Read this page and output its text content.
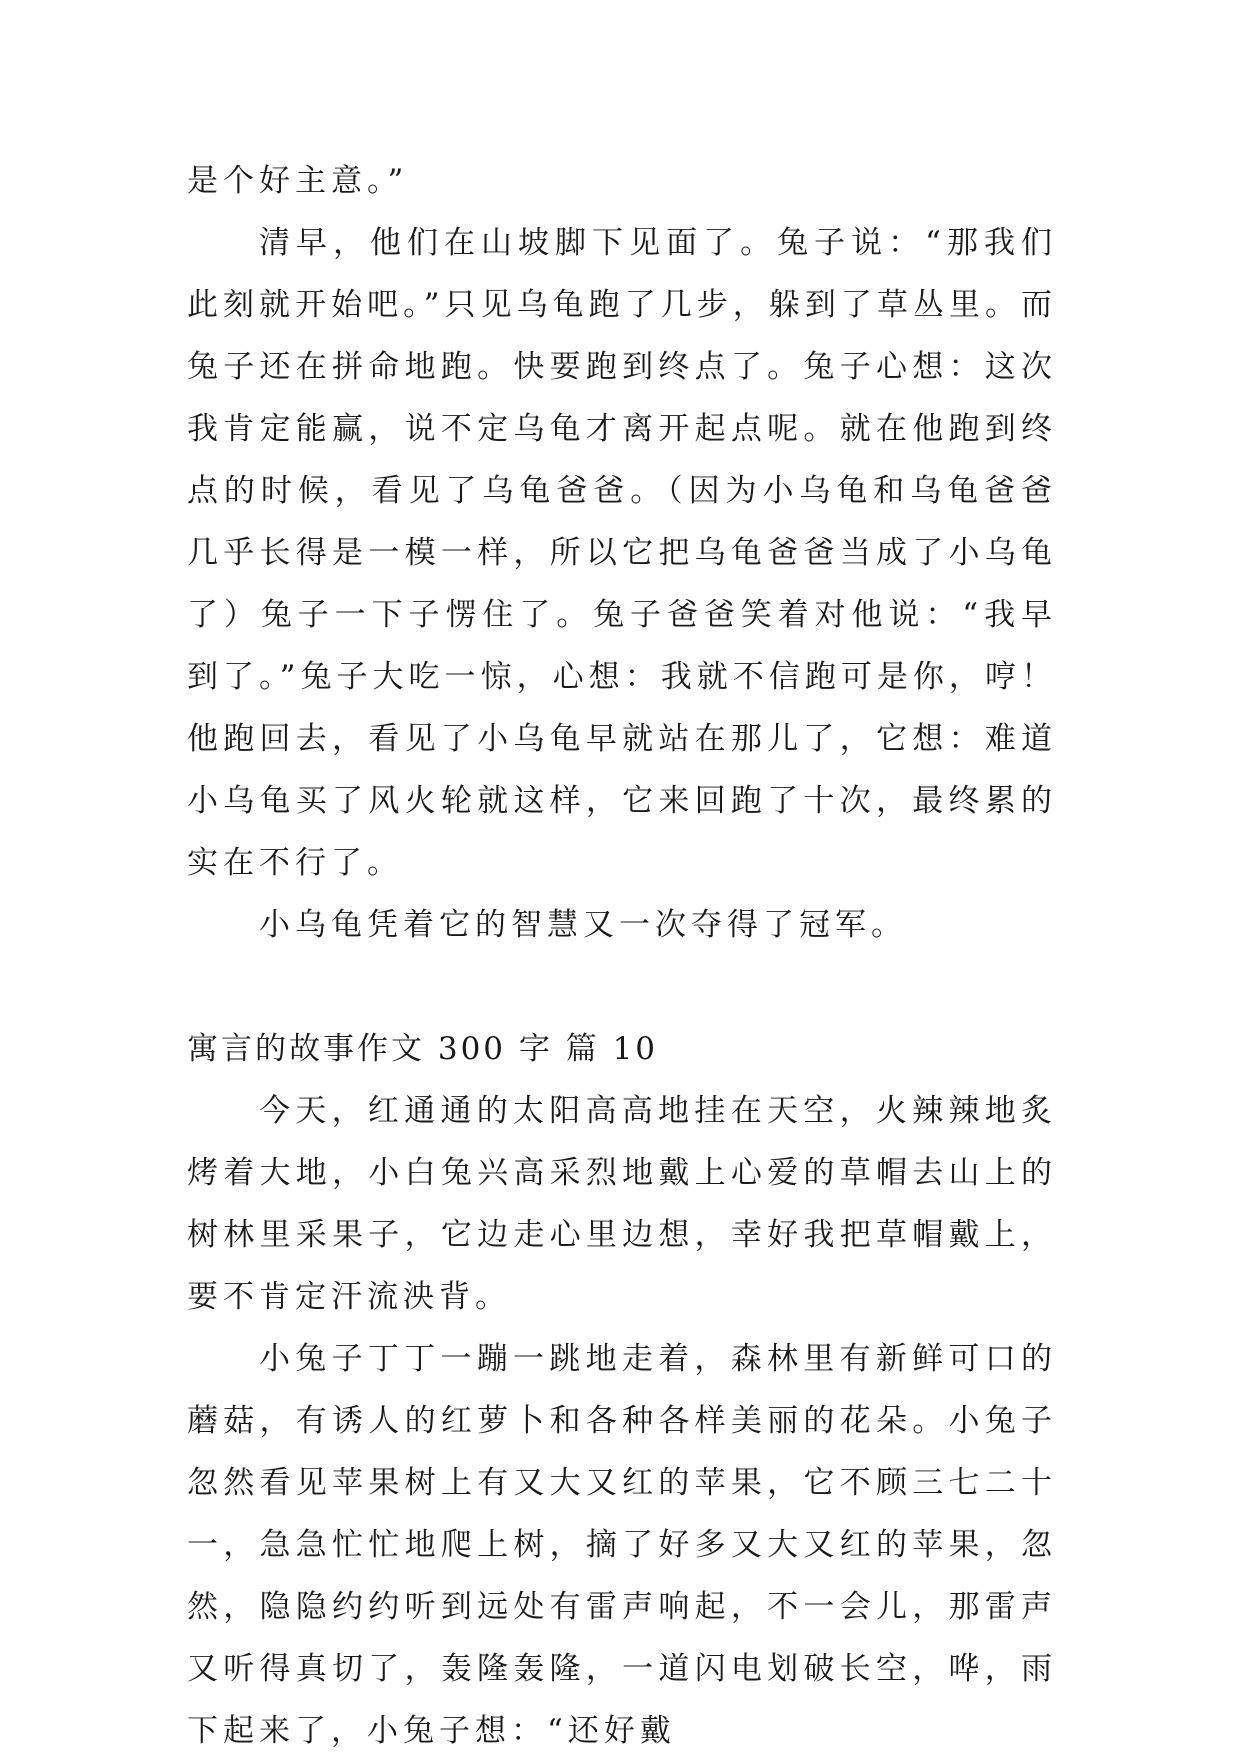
是个好主意。”

清早，他们在山坡脚下见面了。兔子说：“那我们此刻就开始吧。”只见乌龟跑了几步，躲到了草丛里。而兔子还在拼命地跑。快要跑到终点了。兔子心想：这次我肯定能赢，说不定乌龟才离开起点呢。就在他跑到终点的时候，看见了乌龟爸爸。（因为小乌龟和乌龟爸爸几乎长得是一模一样，所以它把乌龟爸爸当成了小乌龟了）兔子一下子愣住了。兔子爸爸笑着对他说：“我早到了。”兔子大吃一惊，心想：我就不信跑可是你，哼！他跑回去，看见了小乌龟早就站在那儿了，它想：难道小乌龟买了风火轮就这样，它来回跑了十次，最终累的实在不行了。

小乌龟凭着它的智慧又一次夺得了冠军。

寓言的故事作文 300 字 篇 10

今天，红通通的太阳高高地挂在天空，火辣辣地炙烤着大地，小白兔兴高采烈地戴上心爱的草帽去山上的树林里采果子，它边走心里边想，幸好我把草帽戴上，要不肯定汗流泱背。

小兔子丁丁一蹦一跳地走着，森林里有新鲜可口的蘑菇，有诱人的红萝卜和各种各样美丽的花朵。小兔子忽然看见苹果树上有又大又红的苹果，它不顾三七二十一，急急忙忙地爬上树，摘了好多又大又红的苹果，忽然，隐隐约约听到远处有雷声响起，不一会儿，那雷声又听得真切了，轰隆轰隆，一道闪电划破长空，哗，雨下起来了，小兔子想：“还好戴
